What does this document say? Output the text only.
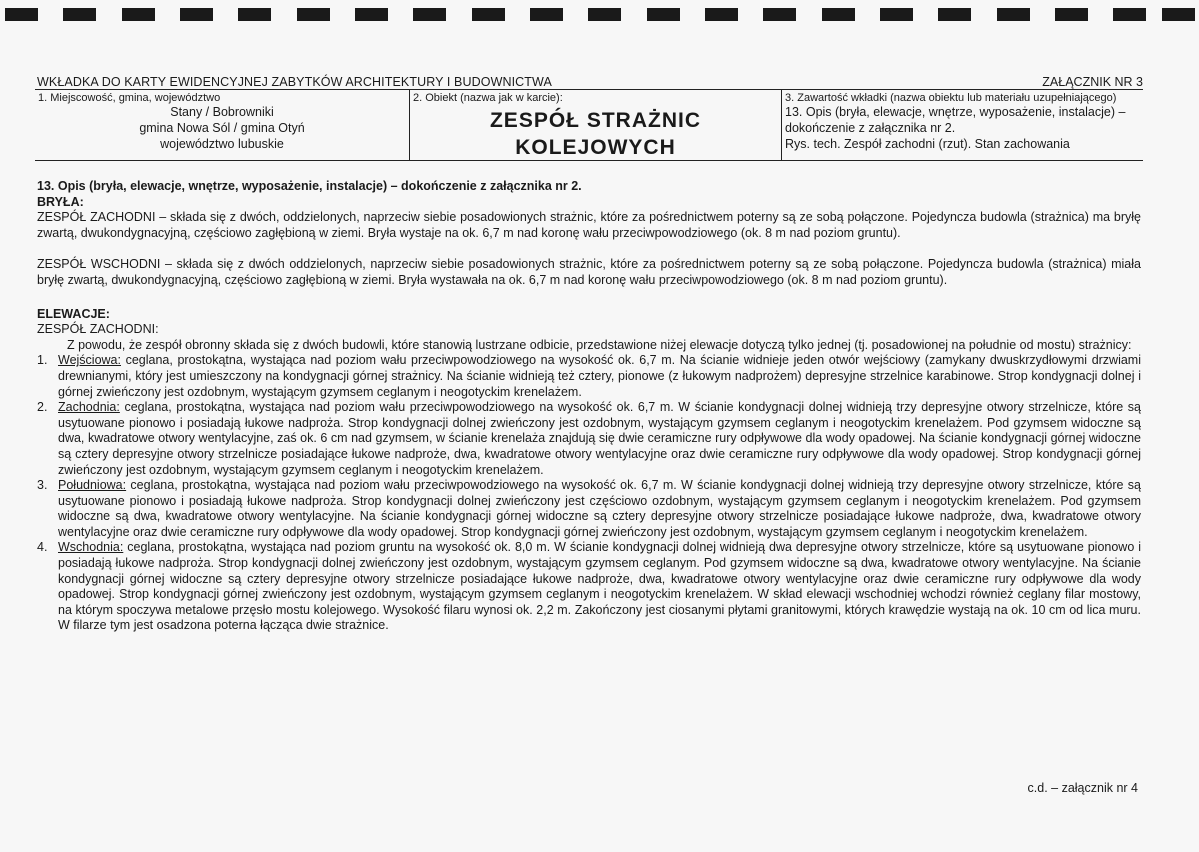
WKŁADKA DO KARTY EWIDENCYJNEJ ZABYTKÓW ARCHITEKTURY I BUDOWNICTWA	ZAŁĄCZNIK NR 3
1. Miejscowość, gmina, województwo
Stany / Bobrowniki
gmina Nowa Sól / gmina Otyń
województwo lubuskie
2. Obiekt (nazwa jak w karcie):
ZESPÓŁ STRAŻNIC
KOLEJOWYCH
3. Zawartość wkładki (nazwa obiektu lub materiału uzupełniającego)
13. Opis (bryła, elewacje, wnętrze, wyposażenie, instalacje) –
dokończenie z załącznika nr 2.
Rys. tech. Zespół zachodni (rzut). Stan zachowania

13. Opis (bryła, elewacje, wnętrze, wyposażenie, instalacje) – dokończenie z załącznika nr 2.

BRYŁA:

ZESPÓŁ ZACHODNI – składa się z dwóch, oddzielonych, naprzeciw siebie posadowionych strażnic, które za pośrednictwem poterny są ze sobą połączone. Pojedyncza budowla (strażnica) ma bryłę zwartą, dwukondygnacyjną, częściowo zagłębioną w ziemi. Bryła wystaje na ok. 6,7 m nad koronę wału przeciwpowodziowego (ok. 8 m nad poziom gruntu).

ZESPÓŁ WSCHODNI – składa się z dwóch oddzielonych, naprzeciw siebie posadowionych strażnic, które za pośrednictwem poterny są ze sobą połączone. Pojedyncza budowla (strażnica) miała bryłę zwartą, dwukondygnacyjną, częściowo zagłębioną w ziemi. Bryła wystawała na ok. 6,7 m nad koronę wału przeciwpowodziowego (ok. 8 m nad poziom gruntu).

ELEWACJE:

ZESPÓŁ ZACHODNI:

Z powodu, że zespół obronny składa się z dwóch budowli, które stanowią lustrzane odbicie, przedstawione niżej elewacje dotyczą tylko jednej (tj. posadowionej na południe od mostu) strażnicy:

1. Wejściowa: ceglana, prostokątna, wystająca nad poziom wału przeciwpowodziowego na wysokość ok. 6,7 m. Na ścianie widnieje jeden otwór wejściowy (zamykany dwuskrzydłowymi drzwiami drewnianymi, który jest umieszczony na kondygnacji górnej strażnicy. Na ścianie widnieją też cztery, pionowe (z łukowym nadprożem) depresyjne strzelnice karabinowe. Strop kondygnacji dolnej i górnej zwieńczony jest ozdobnym, wystającym gzymsem ceglanym i neogotyckim krenelażem.
2. Zachodnia: ceglana, prostokątna, wystająca nad poziom wału przeciwpowodziowego na wysokość ok. 6,7 m. W ścianie kondygnacji dolnej widnieją trzy depresyjne otwory strzelnicze, które są usytuowane pionowo i posiadają łukowe nadproża. Strop kondygnacji dolnej zwieńczony jest ozdobnym, wystającym gzymsem ceglanym i neogotyckim krenelażem. Pod gzymsem widoczne są dwa, kwadratowe otwory wentylacyjne, zaś ok. 6 cm nad gzymsem, w ścianie krenelaża znajdują się dwie ceramiczne rury odpływowe dla wody opadowej. Na ścianie kondygnacji górnej widoczne są cztery depresyjne otwory strzelnicze posiadające łukowe nadproże, dwa, kwadratowe otwory wentylacyjne oraz dwie ceramiczne rury odpływowe dla wody opadowej. Strop kondygnacji górnej zwieńczony jest ozdobnym, wystającym gzymsem ceglanym i neogotyckim krenelażem.
3. Południowa: ceglana, prostokątna, wystająca nad poziom wału przeciwpowodziowego na wysokość ok. 6,7 m. W ścianie kondygnacji dolnej widnieją trzy depresyjne otwory strzelnicze, które są usytuowane pionowo i posiadają łukowe nadproża. Strop kondygnacji dolnej zwieńczony jest częściowo ozdobnym, wystającym gzymsem ceglanym i neogotyckim krenelażem. Pod gzymsem widoczne są dwa, kwadratowe otwory wentylacyjne. Na ścianie kondygnacji górnej widoczne są cztery depresyjne otwory strzelnicze posiadające łukowe nadproże, dwa, kwadratowe otwory wentylacyjne oraz dwie ceramiczne rury odpływowe dla wody opadowej. Strop kondygnacji górnej zwieńczony jest ozdobnym, wystającym gzymsem ceglanym i neogotyckim krenelażem.
4. Wschodnia: ceglana, prostokątna, wystająca nad poziom gruntu na wysokość ok. 8,0 m. W ścianie kondygnacji dolnej widnieją dwa depresyjne otwory strzelnicze, które są usytuowane pionowo i posiadają łukowe nadproża. Strop kondygnacji dolnej zwieńczony jest ozdobnym, wystającym gzymsem ceglanym. Pod gzymsem widoczne są dwa, kwadratowe otwory wentylacyjne. Na ścianie kondygnacji górnej widoczne są cztery depresyjne otwory strzelnicze posiadające łukowe nadproże, dwa, kwadratowe otwory wentylacyjne oraz dwie ceramiczne rury odpływowe dla wody opadowej. Strop kondygnacji górnej zwieńczony jest ozdobnym, wystającym gzymsem ceglanym i neogotyckim krenelażem. W skład elewacji wschodniej wchodzi również ceglany filar mostowy, na którym spoczywa metalowe przęsło mostu kolejowego. Wysokość filaru wynosi ok. 2,2 m. Zakończony jest ciosanymi płytami granitowymi, których krawędzie wystają na ok. 10 cm od lica muru. W filarze tym jest osadzona poterna łącząca dwie strażnice.
c.d. – załącznik nr 4
